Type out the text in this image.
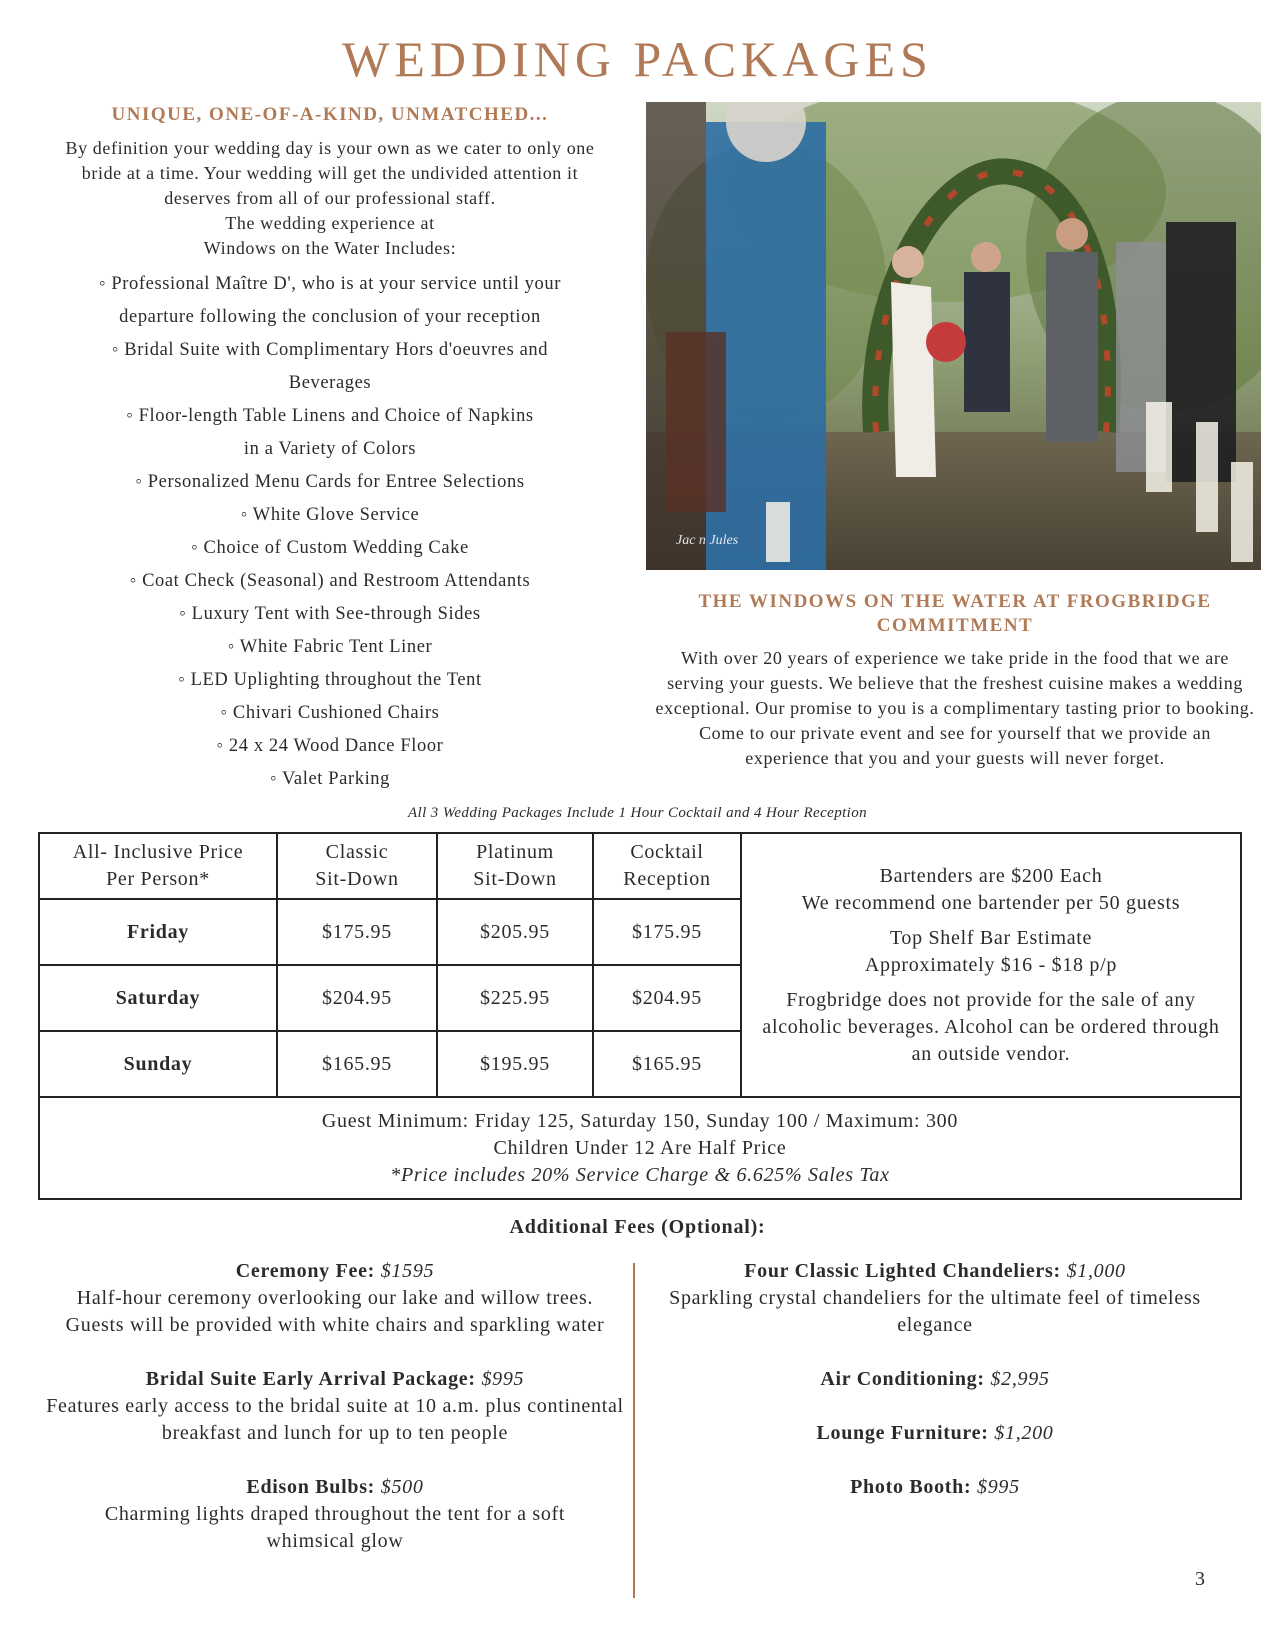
WEDDING PACKAGES
UNIQUE, ONE-OF-A-KIND, UNMATCHED...
By definition your wedding day is your own as we cater to only one bride at a time. Your wedding will get the undivided attention it deserves from all of our professional staff.
The wedding experience at
Windows on the Water Includes:
◦ Professional Maître D', who is at your service until your departure following the conclusion of your reception
◦ Bridal Suite with Complimentary Hors d'oeuvres and Beverages
◦ Floor-length Table Linens and Choice of Napkins in a Variety of Colors
◦ Personalized Menu Cards for Entree Selections
◦ White Glove Service
◦ Choice of Custom Wedding Cake
◦ Coat Check (Seasonal) and Restroom Attendants
◦ Luxury Tent with See-through Sides
◦ White Fabric Tent Liner
◦ LED Uplighting throughout the Tent
◦ Chivari Cushioned Chairs
◦ 24 x 24 Wood Dance Floor
◦ Valet Parking
Jac n Jules
THE WINDOWS ON THE WATER AT FROGBRIDGE COMMITMENT
With over 20 years of experience we take pride in the food that we are serving your guests. We believe that the freshest cuisine makes a wedding exceptional. Our promise to you is a complimentary tasting prior to booking. Come to our private event and see for yourself that we provide an experience that you and your guests will never forget.
All 3 Wedding Packages Include 1 Hour Cocktail and 4 Hour Reception
All- Inclusive Price Per Person*	Classic Sit-Down	Platinum Sit-Down	Cocktail Reception	Bartenders are $200 Each
We recommend one bartender per 50 guests

Top Shelf Bar Estimate
Approximately $16 - $18 p/p

Frogbridge does not provide for the sale of any alcoholic beverages. Alcohol can be ordered through an outside vendor.

Friday	$175.95	$205.95	$175.95	
Saturday	$204.95	$225.95	$204.95	
Sunday	$165.95	$195.95	$165.95	

Guest Minimum: Friday 125, Saturday 150, Sunday 100 / Maximum: 300
Children Under 12 Are Half Price
*Price includes 20% Service Charge & 6.625% Sales Tax				
Additional Fees (Optional):
Ceremony Fee: $1595
Half-hour ceremony overlooking our lake and willow trees. Guests will be provided with white chairs and sparkling water
Bridal Suite Early Arrival Package: $995
Features early access to the bridal suite at 10 a.m. plus continental breakfast and lunch for up to ten people
Edison Bulbs: $500
Charming lights draped throughout the tent for a soft whimsical glow
Four Classic Lighted Chandeliers: $1,000
Sparkling crystal chandeliers for the ultimate feel of timeless elegance
Air Conditioning: $2,995
Lounge Furniture: $1,200
Photo Booth: $995
3
